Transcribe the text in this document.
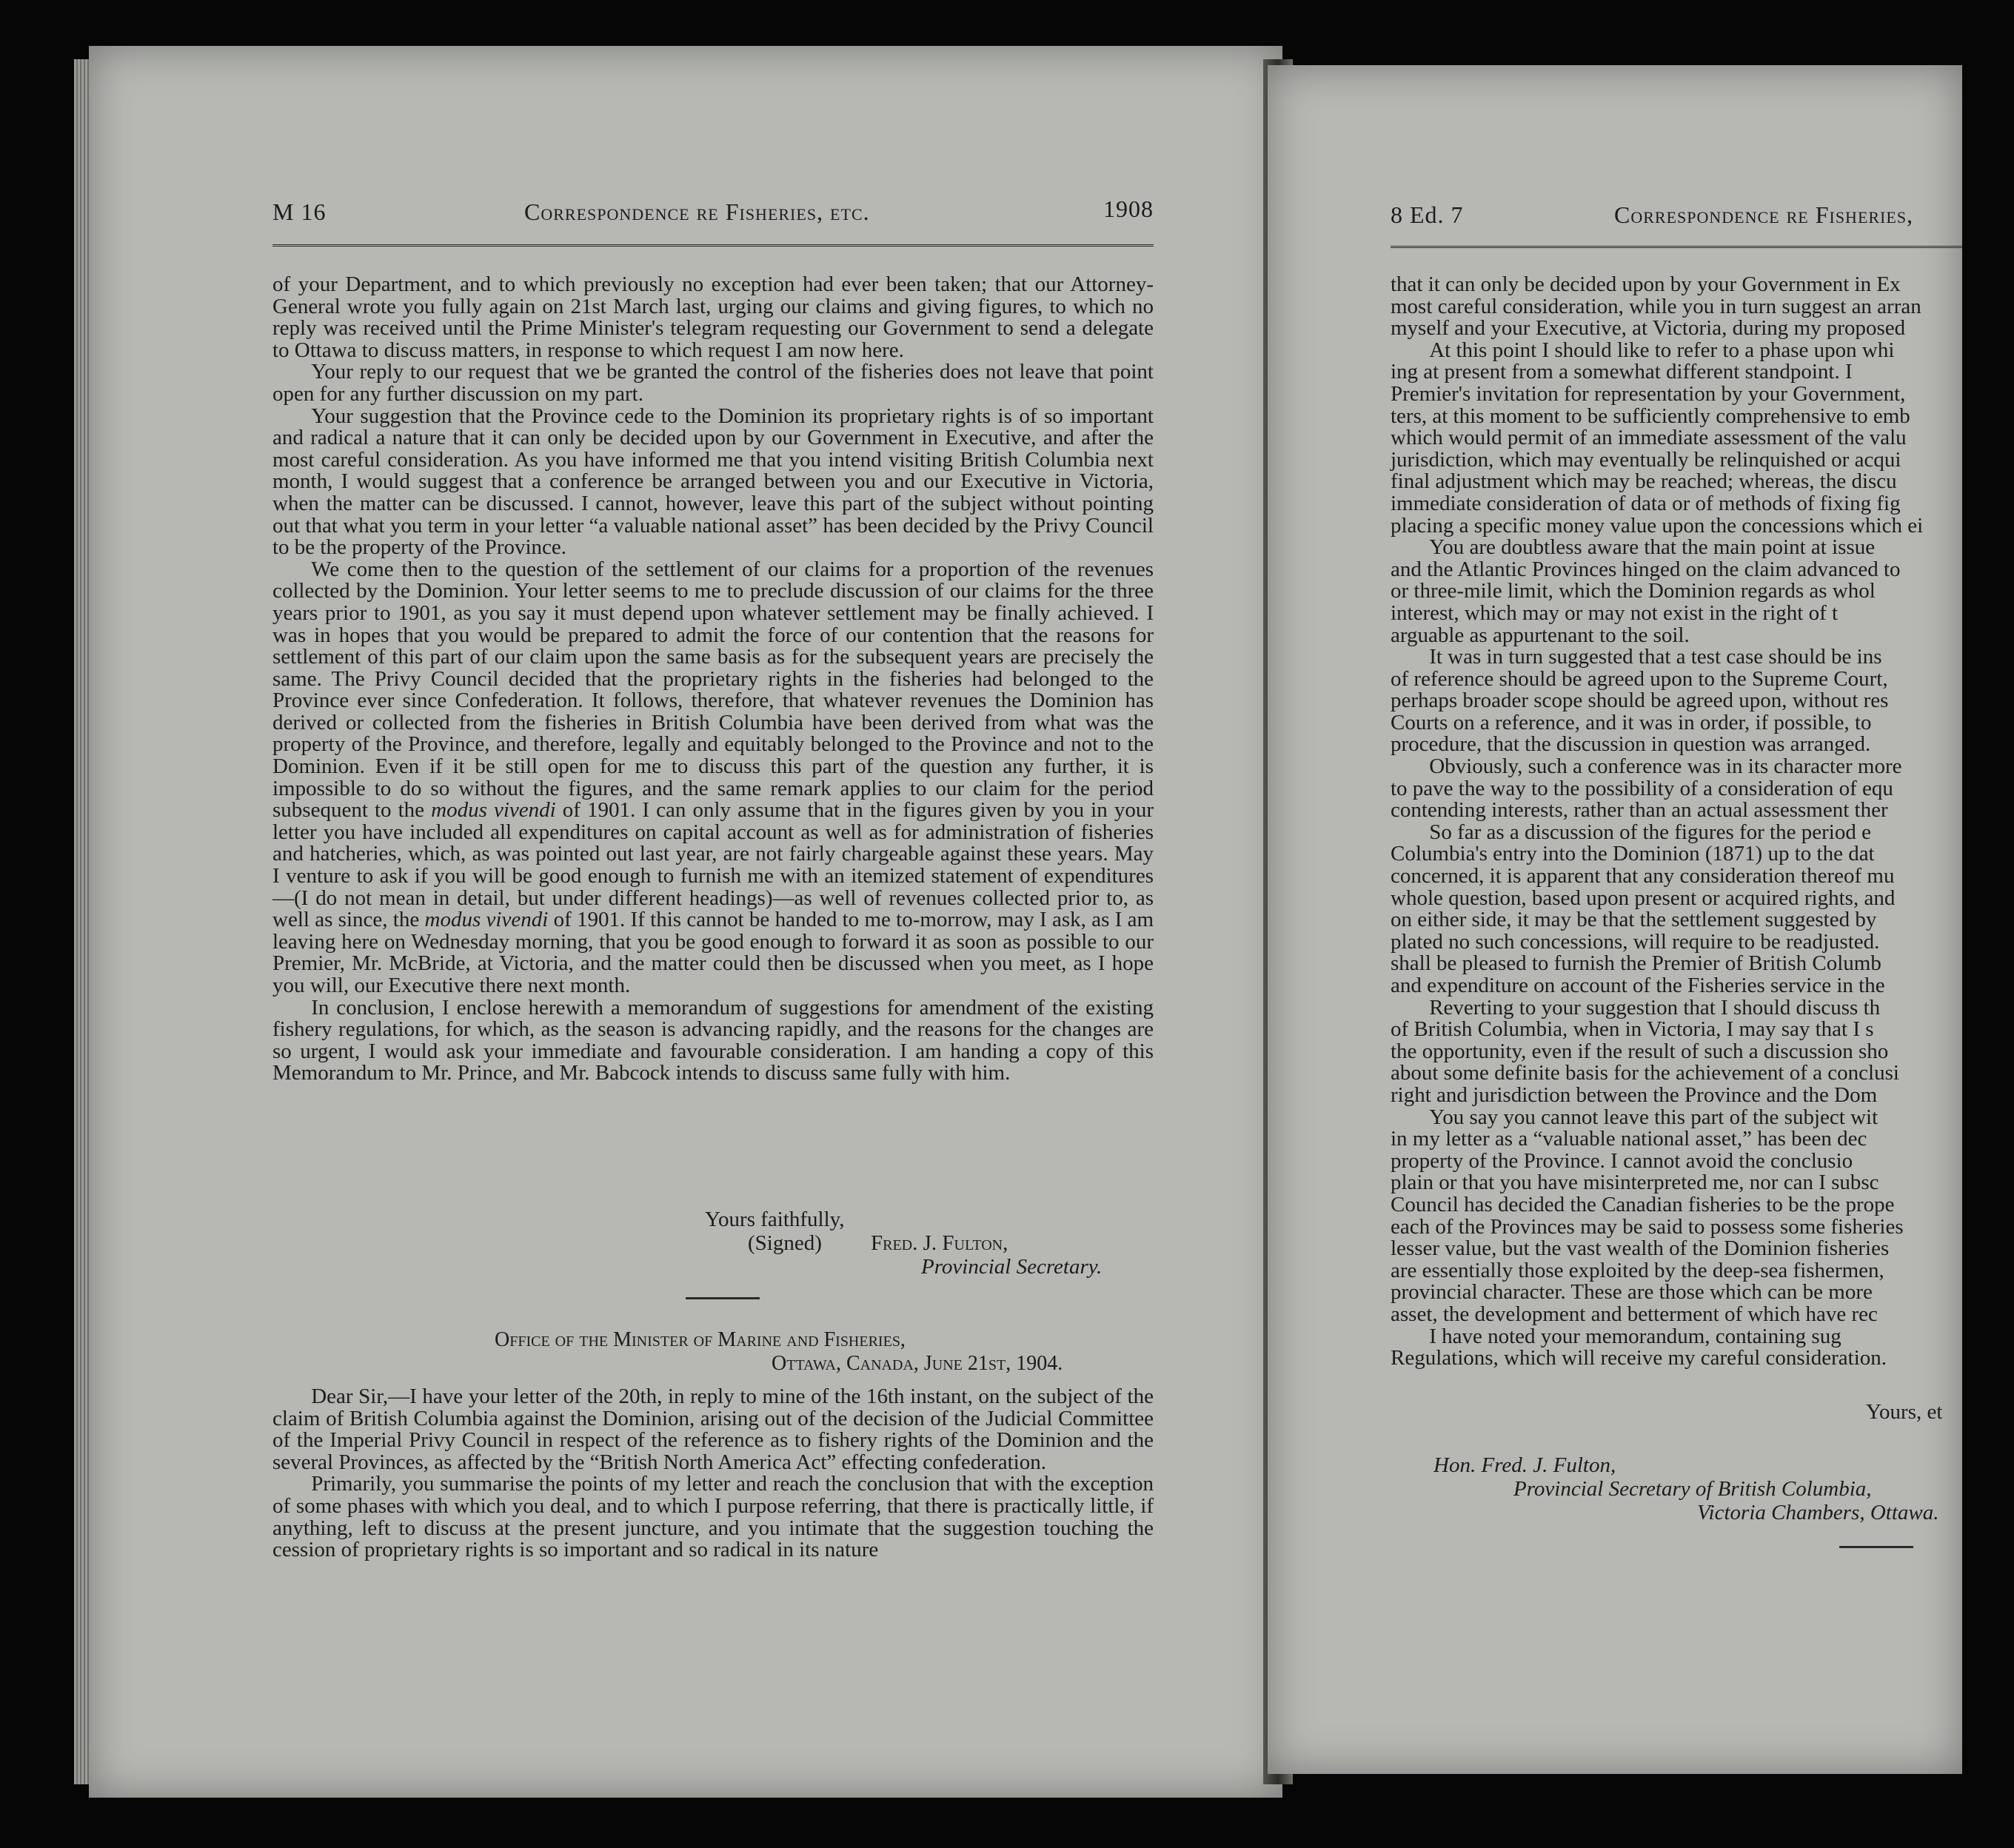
M 16	Correspondence re Fisheries, etc.	1908

of your Department, and to which previously no exception had ever been taken; that our Attorney-General wrote you fully again on 21st March last, urging our claims and giving figures, to which no reply was received until the Prime Minister's telegram requesting our Government to send a delegate to Ottawa to discuss matters, in response to which request I am now here.

Your reply to our request that we be granted the control of the fisheries does not leave that point open for any further discussion on my part.

Your suggestion that the Province cede to the Dominion its proprietary rights is of so important and radical a nature that it can only be decided upon by our Government in Executive, and after the most careful consideration. As you have informed me that you intend visiting British Columbia next month, I would suggest that a conference be arranged between you and our Executive in Victoria, when the matter can be discussed. I cannot, however, leave this part of the subject without pointing out that what you term in your letter “a valuable national asset” has been decided by the Privy Council to be the property of the Province.

We come then to the question of the settlement of our claims for a proportion of the revenues collected by the Dominion. Your letter seems to me to preclude discussion of our claims for the three years prior to 1901, as you say it must depend upon whatever settlement may be finally achieved. I was in hopes that you would be prepared to admit the force of our contention that the reasons for settlement of this part of our claim upon the same basis as for the subsequent years are precisely the same. The Privy Council decided that the proprietary rights in the fisheries had belonged to the Province ever since Confederation. It follows, therefore, that whatever revenues the Dominion has derived or collected from the fisheries in British Columbia have been derived from what was the property of the Province, and therefore, legally and equitably belonged to the Province and not to the Dominion. Even if it be still open for me to discuss this part of the question any further, it is impossible to do so without the figures, and the same remark applies to our claim for the period subsequent to the modus vivendi of 1901. I can only assume that in the figures given by you in your letter you have included all expenditures on capital account as well as for administration of fisheries and hatcheries, which, as was pointed out last year, are not fairly chargeable against these years. May I venture to ask if you will be good enough to furnish me with an itemized statement of expenditures—(I do not mean in detail, but under different headings)—as well of revenues collected prior to, as well as since, the modus vivendi of 1901. If this cannot be handed to me to-morrow, may I ask, as I am leaving here on Wednesday morning, that you be good enough to forward it as soon as possible to our Premier, Mr. McBride, at Victoria, and the matter could then be discussed when you meet, as I hope you will, our Executive there next month.

In conclusion, I enclose herewith a memorandum of suggestions for amendment of the existing fishery regulations, for which, as the season is advancing rapidly, and the reasons for the changes are so urgent, I would ask your immediate and favourable consideration. I am handing a copy of this Memorandum to Mr. Prince, and Mr. Babcock intends to discuss same fully with him.

Yours faithfully,
(Signed) Fred. J. Fulton,
Provincial Secretary.
Office of the Minister of Marine and Fisheries,
Ottawa, Canada, June 21st, 1904.

Dear Sir,—I have your letter of the 20th, in reply to mine of the 16th instant, on the subject of the claim of British Columbia against the Dominion, arising out of the decision of the Judicial Committee of the Imperial Privy Council in respect of the reference as to fishery rights of the Dominion and the several Provinces, as affected by the “British North America Act” effecting confederation.

Primarily, you summarise the points of my letter and reach the conclusion that with the exception of some phases with which you deal, and to which I purpose referring, that there is practically little, if anything, left to discuss at the present juncture, and you intimate that the suggestion touching the cession of proprietary rights is so important and so radical in its nature

8 Ed. 7	Correspondence re Fisheries,

that it can only be decided upon by your Government in Ex

most careful consideration, while you in turn suggest an arran

myself and your Executive, at Victoria, during my proposed

At this point I should like to refer to a phase upon whi

ing at present from a somewhat different standpoint. I

Premier's invitation for representation by your Government,

ters, at this moment to be sufficiently comprehensive to emb

which would permit of an immediate assessment of the valu

jurisdiction, which may eventually be relinquished or acqui

final adjustment which may be reached; whereas, the discu

immediate consideration of data or of methods of fixing fig

placing a specific money value upon the concessions which ei

You are doubtless aware that the main point at issue

and the Atlantic Provinces hinged on the claim advanced to

or three-mile limit, which the Dominion regards as whol

interest, which may or may not exist in the right of t

arguable as appurtenant to the soil.

It was in turn suggested that a test case should be ins

of reference should be agreed upon to the Supreme Court,

perhaps broader scope should be agreed upon, without res

Courts on a reference, and it was in order, if possible, to

procedure, that the discussion in question was arranged.

Obviously, such a conference was in its character more

to pave the way to the possibility of a consideration of equ

contending interests, rather than an actual assessment ther

So far as a discussion of the figures for the period e

Columbia's entry into the Dominion (1871) up to the dat

concerned, it is apparent that any consideration thereof mu

whole question, based upon present or acquired rights, and

on either side, it may be that the settlement suggested by

plated no such concessions, will require to be readjusted.

shall be pleased to furnish the Premier of British Columb

and expenditure on account of the Fisheries service in the

Reverting to your suggestion that I should discuss th

of British Columbia, when in Victoria, I may say that I s

the opportunity, even if the result of such a discussion sho

about some definite basis for the achievement of a conclusi

right and jurisdiction between the Province and the Dom

You say you cannot leave this part of the subject wit

in my letter as a “valuable national asset,” has been dec

property of the Province. I cannot avoid the conclusio

plain or that you have misinterpreted me, nor can I subsc

Council has decided the Canadian fisheries to be the prope

each of the Provinces may be said to possess some fisheries

lesser value, but the vast wealth of the Dominion fisheries

are essentially those exploited by the deep-sea fishermen,

provincial character. These are those which can be more

asset, the development and betterment of which have rec

I have noted your memorandum, containing sug

Regulations, which will receive my careful consideration.

Yours, et
Hon. Fred. J. Fulton,
Provincial Secretary of British Columbia,
Victoria Chambers, Ottawa.
